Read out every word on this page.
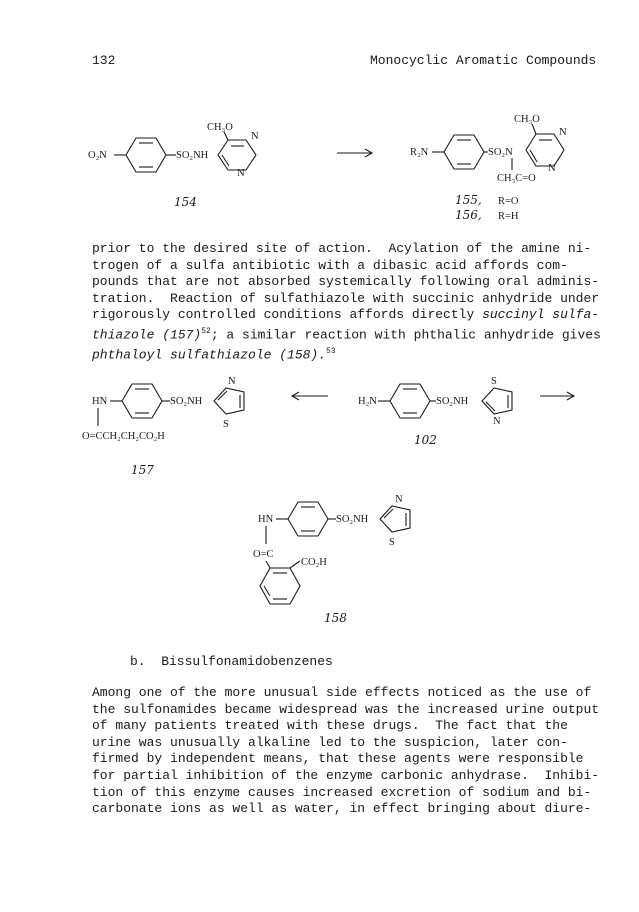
132	Monocyclic Aromatic Compounds
O₂N	SO₂NH
CH₃O
N
N
154
R₂N	SO₂N
CH₃O
N
N
CH₃C=O
155, R=O
156, R=H
prior to the desired site of action.  Acylation of the amine ni-
trogen of a sulfa antibiotic with a dibasic acid affords com-
pounds that are not absorbed systemically following oral adminis-
tration.  Reaction of sulfathiazole with succinic anhydride under
rigorously controlled conditions affords directly succinyl sulfa-
thiazole $(157)^{52}$; a similar reaction with phthalic anhydride gives
phthaloyl sulfathiazole (158).$^{53}$
HN	SO₂NH
N
S
O=CCH₂CH₂CO₂H
157
H₂N	SO₂NH
S
N
102
HN	SO₂NH
N
S
O=C
CO₂H
158
b.  Bissulfonamidobenzenes
Among one of the more unusual side effects noticed as the use of
the sulfonamides became widespread was the increased urine output
of many patients treated with these drugs.  The fact that the
urine was unusually alkaline led to the suspicion, later con-
firmed by independent means, that these agents were responsible
for partial inhibition of the enzyme carbonic anhydrase.  Inhibi-
tion of this enzyme causes increased excretion of sodium and bi-
carbonate ions as well as water, in effect bringing about diure-
